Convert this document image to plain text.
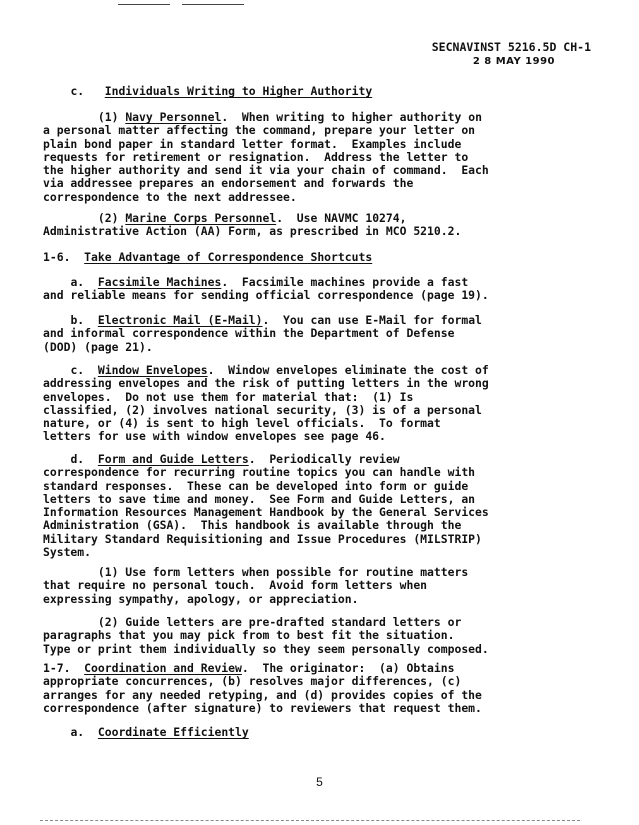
SECNAVINST 5216.5D CH-1
2 8 MAY 1990
c. Individuals Writing to Higher Authority
(1) Navy Personnel.  When writing to higher authority on
a personal matter affecting the command, prepare your letter on
plain bond paper in standard letter format.  Examples include
requests for retirement or resignation.  Address the letter to
the higher authority and send it via your chain of command.  Each
via addressee prepares an endorsement and forwards the
correspondence to the next addressee.
(2) Marine Corps Personnel.  Use NAVMC 10274,
Administrative Action (AA) Form, as prescribed in MCO 5210.2.
1-6. Take Advantage of Correspondence Shortcuts
a. Facsimile Machines.  Facsimile machines provide a fast
and reliable means for sending official correspondence (page 19).
b. Electronic Mail (E-Mail).  You can use E-Mail for formal
and informal correspondence within the Department of Defense
(DOD) (page 21).
c. Window Envelopes.  Window envelopes eliminate the cost of
addressing envelopes and the risk of putting letters in the wrong
envelopes.  Do not use them for material that:  (1) Is
classified, (2) involves national security, (3) is of a personal
nature, or (4) is sent to high level officials.  To format
letters for use with window envelopes see page 46.
d. Form and Guide Letters.  Periodically review
correspondence for recurring routine topics you can handle with
standard responses.  These can be developed into form or guide
letters to save time and money.  See Form and Guide Letters, an
Information Resources Management Handbook by the General Services
Administration (GSA).  This handbook is available through the
Military Standard Requisitioning and Issue Procedures (MILSTRIP)
System.
(1) Use form letters when possible for routine matters
that require no personal touch.  Avoid form letters when
expressing sympathy, apology, or appreciation.
(2) Guide letters are pre-drafted standard letters or
paragraphs that you may pick from to best fit the situation.
Type or print them individually so they seem personally composed.
1-7. Coordination and Review.  The originator:  (a) Obtains
appropriate concurrences, (b) resolves major differences, (c)
arranges for any needed retyping, and (d) provides copies of the
correspondence (after signature) to reviewers that request them.
a. Coordinate Efficiently
5
